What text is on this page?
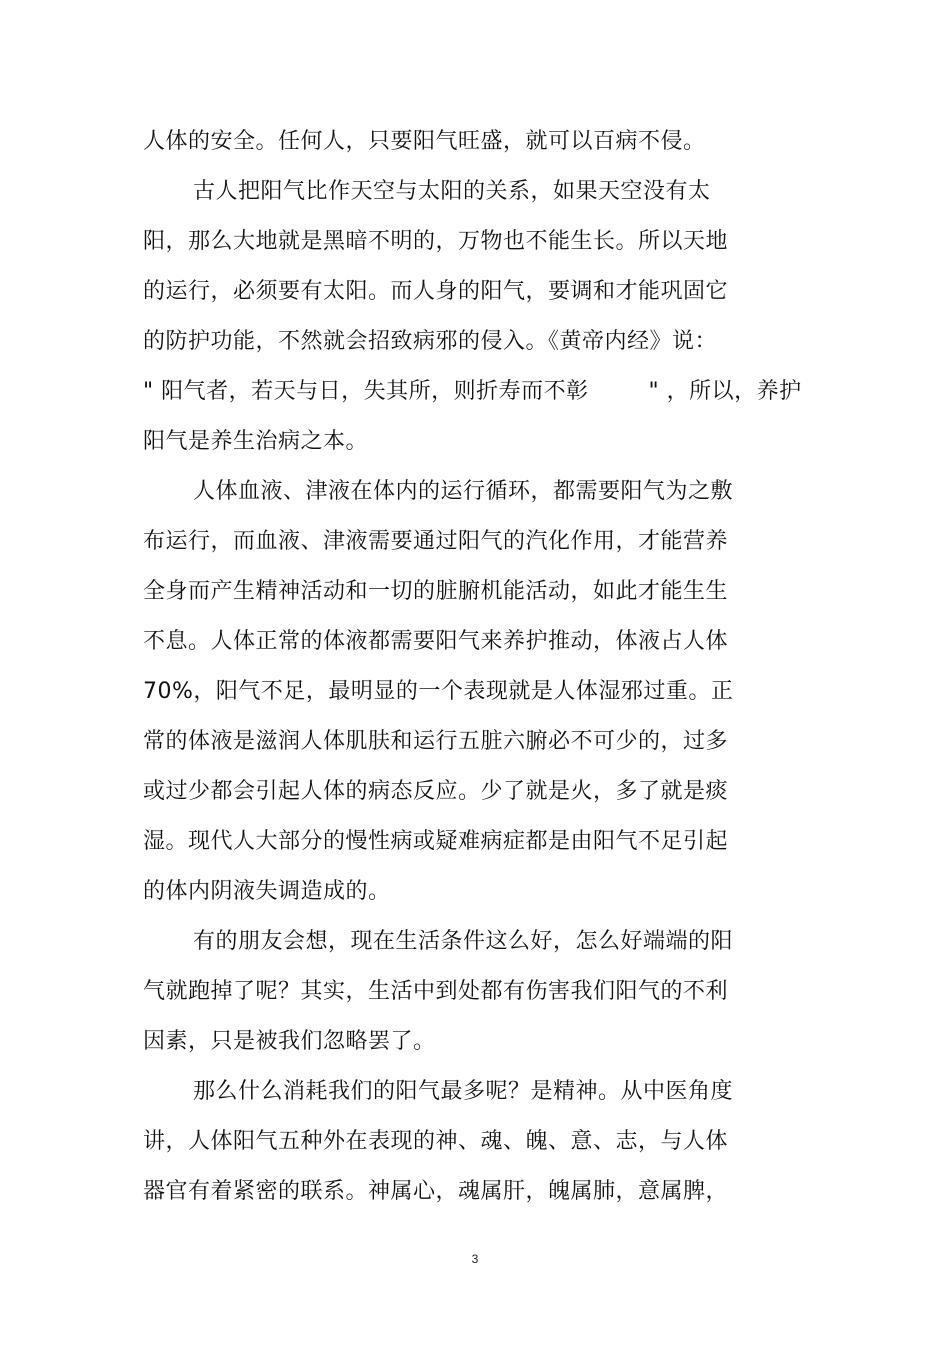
人体的安全。任何人，只要阳气旺盛，就可以百病不侵。
古人把阳气比作天空与太阳的关系，如果天空没有太
阳，那么大地就是黑暗不明的，万物也不能生长。所以天地
的运行，必须要有太阳。而人身的阳气，要调和才能巩固它
的防护功能，不然就会招致病邪的侵入。《黄帝内经》说：
" 阳气者，若天与日，失其所，则折寿而不彰        " ，所以，养护
阳气是养生治病之本。
人体血液、津液在体内的运行循环，都需要阳气为之敷
布运行，而血液、津液需要通过阳气的汽化作用，才能营养
全身而产生精神活动和一切的脏腑机能活动，如此才能生生
不息。人体正常的体液都需要阳气来养护推动，体液占人体
70%，阳气不足，最明显的一个表现就是人体湿邪过重。正
常的体液是滋润人体肌肤和运行五脏六腑必不可少的，过多
或过少都会引起人体的病态反应。少了就是火，多了就是痰
湿。现代人大部分的慢性病或疑难病症都是由阳气不足引起
的体内阴液失调造成的。
有的朋友会想，现在生活条件这么好，怎么好端端的阳
气就跑掉了呢？其实，生活中到处都有伤害我们阳气的不利
因素，只是被我们忽略罢了。
那么什么消耗我们的阳气最多呢？是精神。从中医角度
讲，人体阳气五种外在表现的神、魂、魄、意、志，与人体
器官有着紧密的联系。神属心，魂属肝，魄属肺，意属脾，
3
